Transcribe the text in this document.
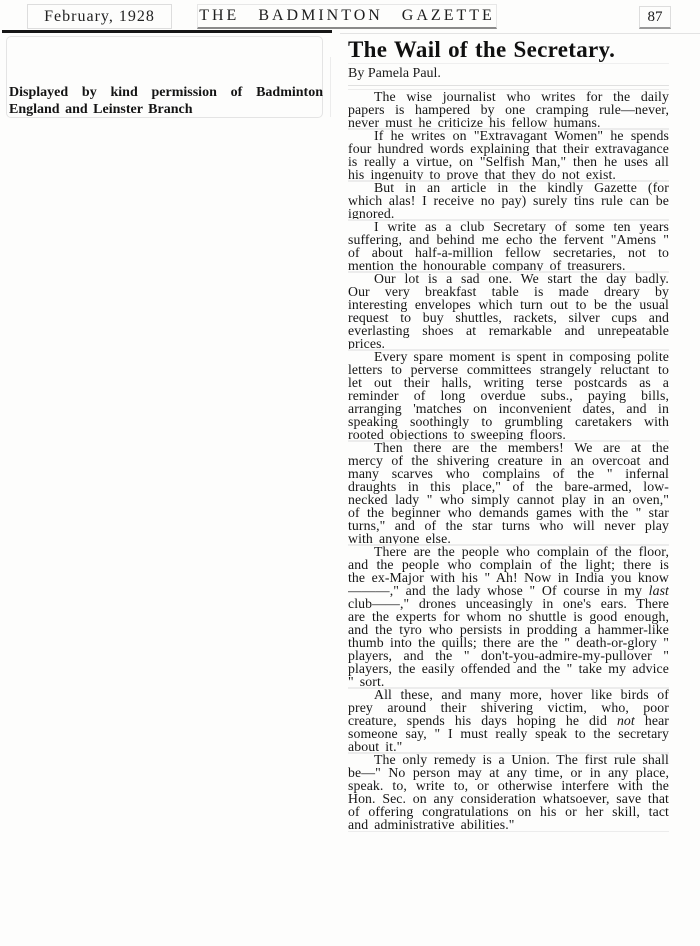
February, 1928	THE BADMINTON GAZETTE	87
Displayed by kind permission of Badminton England and Leinster Branch
The Wail of the Secretary.
By Pamela Paul.

The wise journalist who writes for the daily papers is hampered by one cramping rule—never, never must he criticize his fellow humans.

If he writes on "Extravagant Women" he spends four hundred words explaining that their extravagance is really a virtue, on "Selfish Man," then he uses all his ingenuity to prove that they do not exist.

But in an article in the kindly Gazette (for which alas! I receive no pay) surely tins rule can be ignored.

I write as a club Secretary of some ten years suffering, and behind me echo the fervent "Amens " of about half-a-million fellow secretaries, not to mention the honourable company of treasurers.

Our lot is a sad one. We start the day badly. Our very breakfast table is made dreary by interesting envelopes which turn out to be the usual request to buy shuttles, rackets, silver cups and everlasting shoes at remarkable and unrepeatable prices.

Every spare moment is spent in composing polite letters to perverse committees strangely reluctant to let out their halls, writing terse postcards as a reminder of long overdue subs., paying bills, arranging 'matches on inconvenient dates, and in speaking soothingly to grumbling caretakers with rooted objections to sweeping floors.

Then there are the members! We are at the mercy of the shivering creature in an overcoat and many scarves who complains of the " infernal draughts in this place," of the bare-armed, low-necked lady " who simply cannot play in an oven," of the beginner who demands games with the " star turns," and of the star turns who will never play with anyone else.

There are the people who complain of the floor, and the people who complain of the light; there is the ex-Major with his " Ah! Now in India you know———," and the lady whose " Of course in my last club——," drones unceasingly in one's ears. There are the experts for whom no shuttle is good enough, and the tyro who persists in prodding a hammer-like thumb into the quills; there are the " death-or-glory " players, and the " don't-you-admire-my-pullover " players, the easily offended and the " take my advice " sort.

All these, and many more, hover like birds of prey around their shivering victim, who, poor creature, spends his days hoping he did not hear someone say, " I must really speak to the secretary about it."

The only remedy is a Union. The first rule shall be—" No person may at any time, or in any place, speak. to, write to, or otherwise interfere with the Hon. Sec. on any consideration whatsoever, save that of offering congratulations on his or her skill, tact and administrative abilities."
